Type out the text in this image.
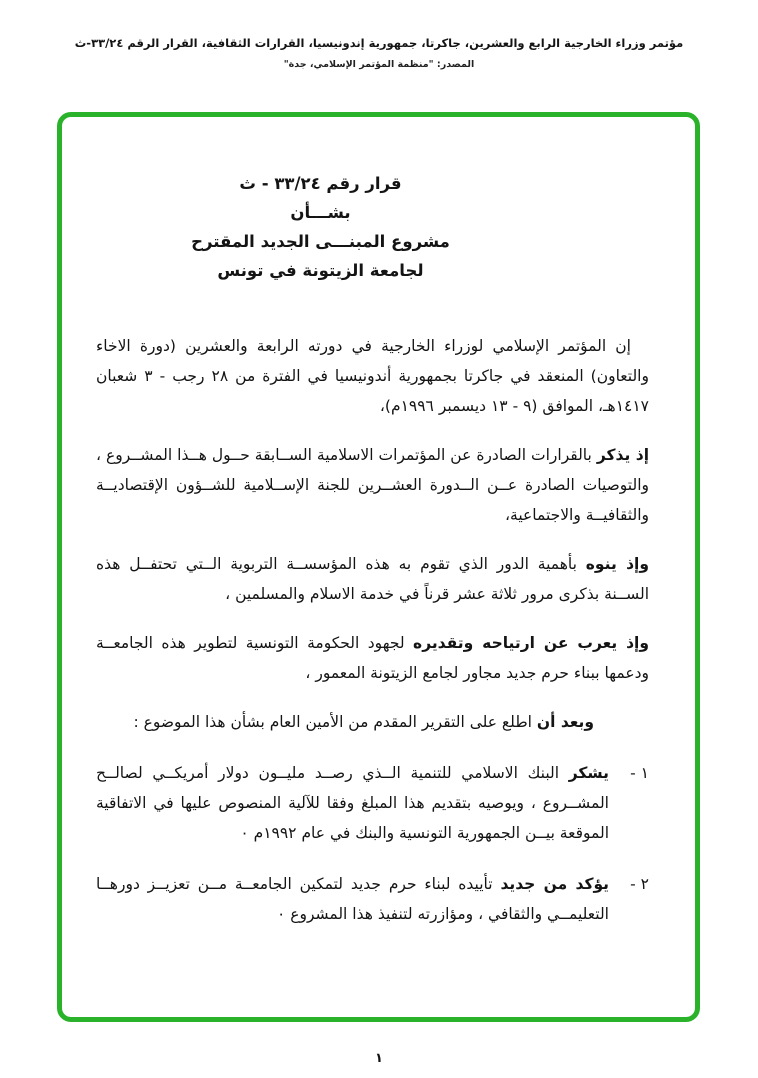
مؤتمر وزراء الخارجية الرابع والعشرين، جاكرتا، جمهورية إندونيسيا، القرارات الثقافية، القرار الرقم ٣٣/٢٤-ث
المصدر: "منظمة المؤتمر الإسلامي، جدة"
قرار رقم ٣٣/٢٤ - ث
بشـــأن
مشروع المبنـــى الجديد المقترح
لجامعة الزيتونة في تونس

إن المؤتمر الإسلامي لوزراء الخارجية في دورته الرابعة والعشرين (دورة الاخاء والتعاون) المنعقد في جاكرتا بجمهورية أندونيسيا في الفترة من ٢٨ رجب - ٣ شعبان ١٤١٧هـ، الموافق (٩ - ١٣ ديسمبر ١٩٩٦م)،

إذ يذكر بالقرارات الصادرة عن المؤتمرات الاسلامية الســابقة حــول هــذا المشــروع ، والتوصيات الصادرة عــن الــدورة العشــرين للجنة الإســلامية للشــؤون الإقتصاديــة والثقافيــة والاجتماعية،

وإذ ينوه بأهمية الدور الذي تقوم به هذه المؤسســة التربوية الــتي تحتفــل هذه الســنة بذكرى مرور ثلاثة عشر قرناً في خدمة الاسلام والمسلمين ،

وإذ يعرب عن ارتياحه وتقديره لجهود الحكومة التونسية لتطوير هذه الجامعــة ودعمها ببناء حرم جديد مجاور لجامع الزيتونة المعمور ،

وبعد أن اطلع على التقرير المقدم من الأمين العام بشأن هذا الموضوع :

١ -

يشكر البنك الاسلامي للتنمية الــذي رصــد مليــون دولار أمريكــي لصالــح المشــروع ، ويوصيه بتقديم هذا المبلغ وفقا للآلية المنصوص عليها في الاتفاقية الموقعة بيــن الجمهورية التونسية والبنك في عام ١٩٩٢م ٠

٢ -

يؤكد من جديد تأييده لبناء حرم جديد لتمكين الجامعــة مــن تعزيــز دورهــا التعليمــي والثقافي ، ومؤازرته لتنفيذ هذا المشروع ٠

١
